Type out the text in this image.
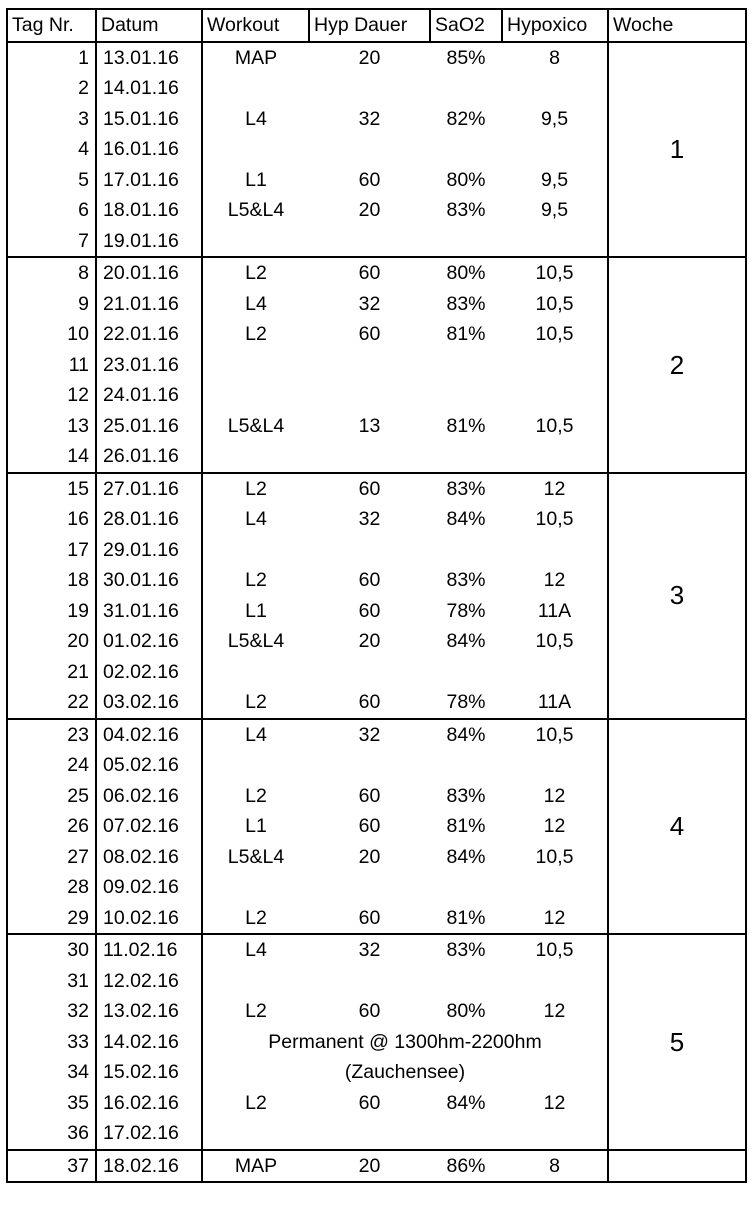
Tag Nr.	Datum	Workout	Hyp Dauer	SaO2	Hypoxico	Woche
1	13.01.16	MAP	20	85%	8	1
2	14.01.16					
3	15.01.16	L4	32	82%	9,5	
4	16.01.16					
5	17.01.16	L1	60	80%	9,5	
6	18.01.16	L5&L4	20	83%	9,5	
7	19.01.16					
8	20.01.16	L2	60	80%	10,5	2
9	21.01.16	L4	32	83%	10,5	
10	22.01.16	L2	60	81%	10,5	
11	23.01.16					
12	24.01.16					
13	25.01.16	L5&L4	13	81%	10,5	
14	26.01.16					
15	27.01.16	L2	60	83%	12	3
16	28.01.16	L4	32	84%	10,5	
17	29.01.16					
18	30.01.16	L2	60	83%	12	
19	31.01.16	L1	60	78%	11A	
20	01.02.16	L5&L4	20	84%	10,5	
21	02.02.16					
22	03.02.16	L2	60	78%	11A	
23	04.02.16	L4	32	84%	10,5	4
24	05.02.16					
25	06.02.16	L2	60	83%	12	
26	07.02.16	L1	60	81%	12	
27	08.02.16	L5&L4	20	84%	10,5	
28	09.02.16					
29	10.02.16	L2	60	81%	12	
30	11.02.16	L4	32	83%	10,5	5
31	12.02.16					
32	13.02.16	L2	60	80%	12	
33	14.02.16	Permanent @ 1300hm-2200hm				
34	15.02.16	(Zauchensee)				
35	16.02.16	L2	60	84%	12	
36	17.02.16					
37	18.02.16	MAP	20	86%	8	
